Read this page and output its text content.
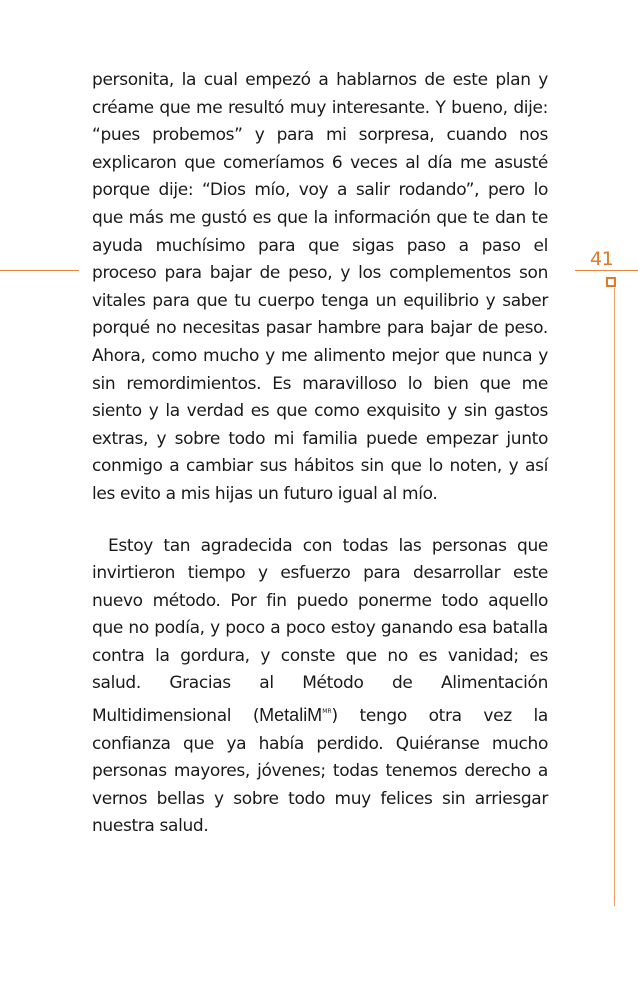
41

personita, la cual empezó a hablarnos de este plan y créame que me resultó muy interesante. Y bueno, dije: “pues probemos” y para mi sorpresa, cuando nos explicaron que comeríamos 6 veces al día me asusté porque dije: “Dios mío, voy a salir rodando”, pero lo que más me gustó es que la información que te dan te ayuda muchísimo para que sigas paso a paso el proceso para bajar de peso, y los complementos son vitales para que tu cuerpo tenga un equilibrio y saber porqué no necesitas pasar hambre para bajar de peso. Ahora, como mucho y me alimento mejor que nunca y sin remordimientos. Es maravilloso lo bien que me siento y la verdad es que como exquisito y sin gastos extras, y sobre todo mi familia puede empezar junto conmigo a cambiar sus hábitos sin que lo noten, y así les evito a mis hijas un futuro igual al mío.

Estoy tan agradecida con todas las personas que invirtieron tiempo y esfuerzo para desarrollar este nuevo método. Por fin puedo ponerme todo aquello que no podía, y poco a poco estoy ganando esa batalla contra la gordura, y conste que no es vanidad; es salud. Gracias al Método de Alimentación Multidimensional (MetaliM$^{MR}$) tengo otra vez la confianza que ya había perdido. Quiéranse mucho personas mayores, jóvenes; todas tenemos derecho a vernos bellas y sobre todo muy felices sin arriesgar nuestra salud.
